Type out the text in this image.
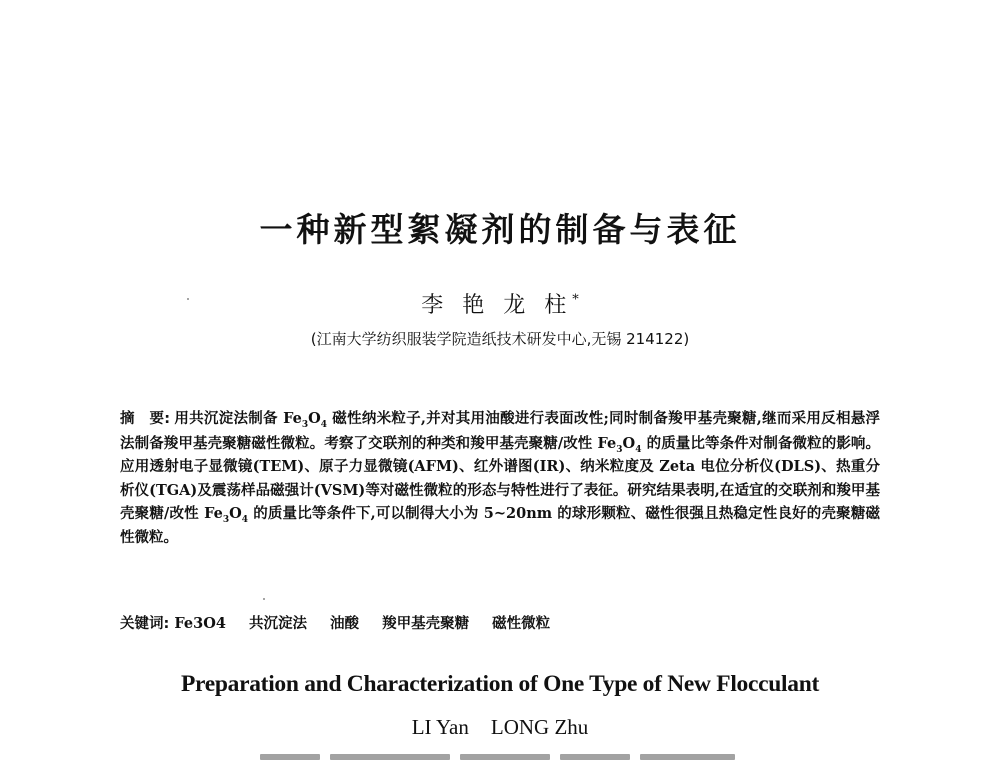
一种新型絮凝剂的制备与表征
李 艳 龙 柱*
(江南大学纺织服装学院造纸技术研发中心,无锡 214122)
摘　要: 用共沉淀法制备 $Fe_3O_4$ 磁性纳米粒子,并对其用油酸进行表面改性;同时制备羧甲基壳聚糖,继而采用反相悬浮法制备羧甲基壳聚糖磁性微粒。考察了交联剂的种类和羧甲基壳聚糖/改性 $Fe_3O_4$ 的质量比等条件对制备微粒的影响。应用透射电子显微镜(TEM)、原子力显微镜(AFM)、红外谱图(IR)、纳米粒度及 Zeta 电位分析仪(DLS)、热重分析仪(TGA)及震荡样品磁强计(VSM)等对磁性微粒的形态与特性进行了表征。研究结果表明,在适宜的交联剂和羧甲基壳聚糖/改性 $Fe_3O_4$ 的质量比等条件下,可以制得大小为 5~20nm 的球形颗粒、磁性很强且热稳定性良好的壳聚糖磁性微粒。
关键词: Fe3O4 共沉淀法 油酸 羧甲基壳聚糖 磁性微粒
Preparation and Characterization of One Type of New Flocculant
LI Yan LONG Zhu
